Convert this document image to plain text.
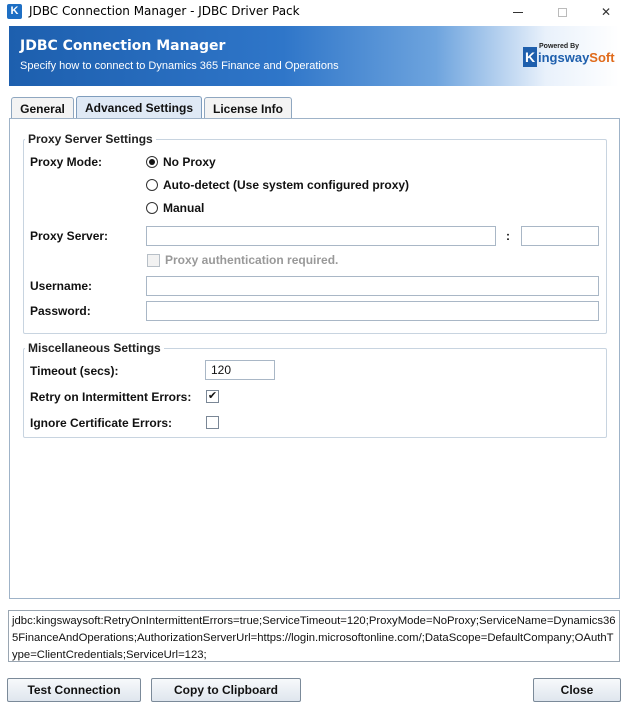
K JDBC Connection Manager - JDBC Driver Pack	✕
JDBC Connection Manager
Specify how to connect to Dynamics 365 Finance and Operations
Powered By
K ingswaySoft
General	Advanced Settings	License Info
Proxy Server Settings
Proxy Mode:	No Proxy
Auto-detect (Use system configured proxy)
Manual
Proxy Server:	:
Proxy authentication required.
Username:
Password:
Miscellaneous Settings
Timeout (secs):
120
Retry on Intermittent Errors: ✔
Ignore Certificate Errors:
jdbc:kingswaysoft:RetryOnIntermittentErrors=true;ServiceTimeout=120;ProxyMode=NoProxy;ServiceName=Dynamics365FinanceAndOperations;AuthorizationServerUrl=https://login.microsoftonline.com/;DataScope=DefaultCompany;OAuthType=ClientCredentials;ServiceUrl=123;
Test Connection	Copy to Clipboard	Close
